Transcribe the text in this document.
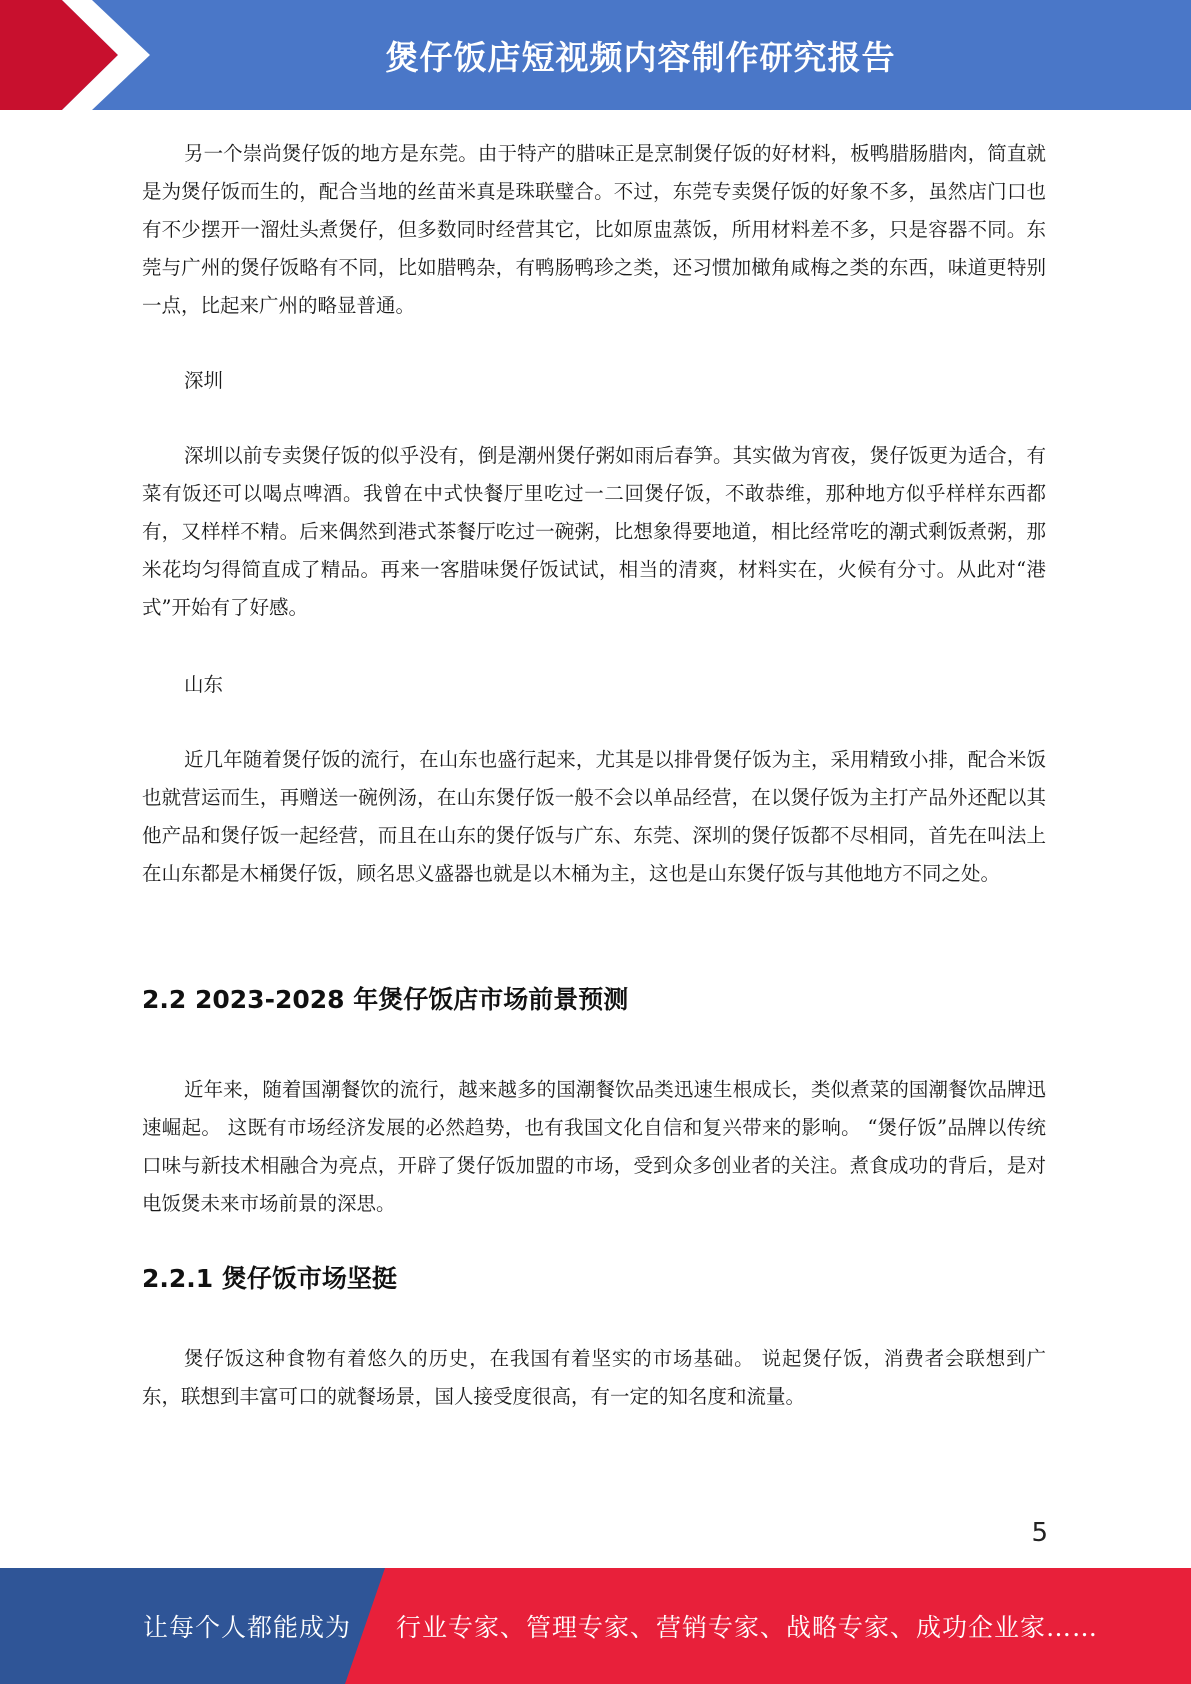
煲仔饭店短视频内容制作研究报告

另一个崇尚煲仔饭的地方是东莞。由于特产的腊味正是烹制煲仔饭的好材料，板鸭腊肠腊肉，简直就是为煲仔饭而生的，配合当地的丝苗米真是珠联璧合。不过，东莞专卖煲仔饭的好象不多，虽然店门口也有不少摆开一溜灶头煮煲仔，但多数同时经营其它，比如原盅蒸饭，所用材料差不多，只是容器不同。东莞与广州的煲仔饭略有不同，比如腊鸭杂，有鸭肠鸭珍之类，还习惯加橄角咸梅之类的东西，味道更特别一点，比起来广州的略显普通。

深圳

深圳以前专卖煲仔饭的似乎没有，倒是潮州煲仔粥如雨后春笋。其实做为宵夜，煲仔饭更为适合，有菜有饭还可以喝点啤酒。我曾在中式快餐厅里吃过一二回煲仔饭，不敢恭维，那种地方似乎样样东西都有，又样样不精。后来偶然到港式茶餐厅吃过一碗粥，比想象得要地道，相比经常吃的潮式剩饭煮粥，那米花均匀得简直成了精品。再来一客腊味煲仔饭试试，相当的清爽，材料实在，火候有分寸。从此对“港式”开始有了好感。

山东

近几年随着煲仔饭的流行，在山东也盛行起来，尤其是以排骨煲仔饭为主，采用精致小排，配合米饭也就营运而生，再赠送一碗例汤，在山东煲仔饭一般不会以单品经营，在以煲仔饭为主打产品外还配以其他产品和煲仔饭一起经营，而且在山东的煲仔饭与广东、东莞、深圳的煲仔饭都不尽相同，首先在叫法上在山东都是木桶煲仔饭，顾名思义盛器也就是以木桶为主，这也是山东煲仔饭与其他地方不同之处。

2.2 2023-2028 年煲仔饭店市场前景预测

近年来，随着国潮餐饮的流行，越来越多的国潮餐饮品类迅速生根成长，类似煮菜的国潮餐饮品牌迅速崛起。 这既有市场经济发展的必然趋势，也有我国文化自信和复兴带来的影响。 “煲仔饭”品牌以传统口味与新技术相融合为亮点，开辟了煲仔饭加盟的市场，受到众多创业者的关注。煮食成功的背后，是对电饭煲未来市场前景的深思。

2.2.1 煲仔饭市场坚挺

煲仔饭这种食物有着悠久的历史，在我国有着坚实的市场基础。 说起煲仔饭，消费者会联想到广东，联想到丰富可口的就餐场景，国人接受度很高，有一定的知名度和流量。

5
让每个人都能成为 行业专家、管理专家、营销专家、战略专家、成功企业家……
